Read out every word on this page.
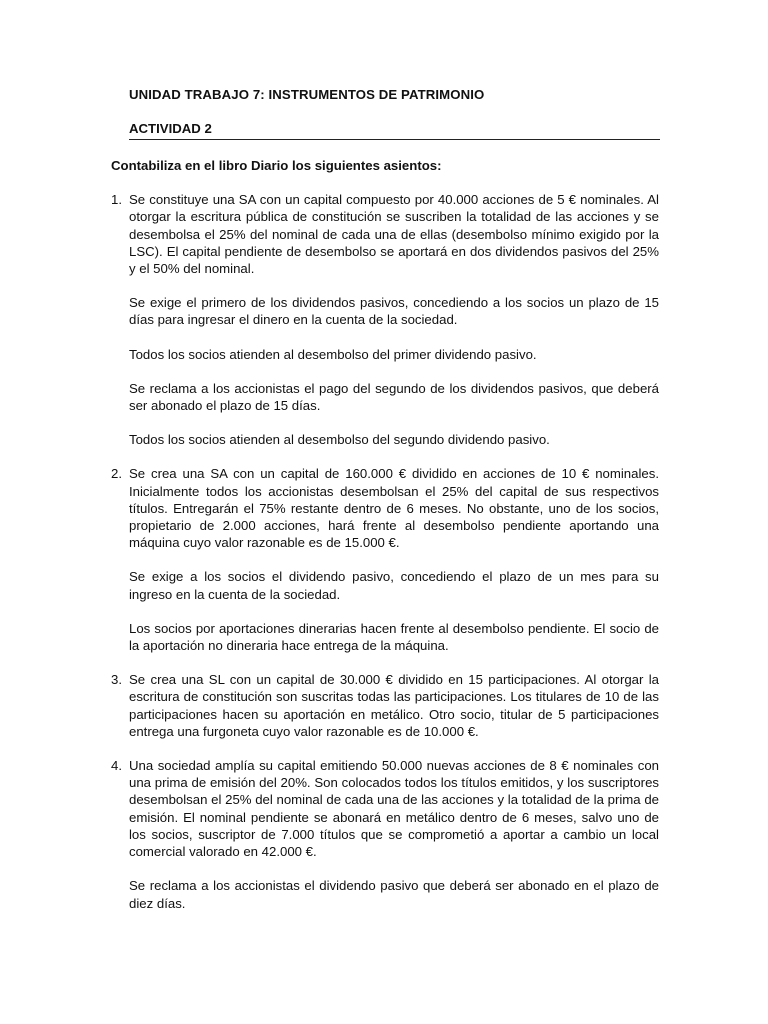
UNIDAD TRABAJO 7: INSTRUMENTOS DE PATRIMONIO

ACTIVIDAD 2

Contabiliza en el libro Diario los siguientes asientos:

1. Se constituye una SA con un capital compuesto por 40.000 acciones de 5 € nominales. Al otorgar la escritura pública de constitución se suscriben la totalidad de las acciones y se desembolsa el 25% del nominal de cada una de ellas (desembolso mínimo exigido por la LSC). El capital pendiente de desembolso se aportará en dos dividendos pasivos del 25% y el 50% del nominal.

Se exige el primero de los dividendos pasivos, concediendo a los socios un plazo de 15 días para ingresar el dinero en la cuenta de la sociedad.

Todos los socios atienden al desembolso del primer dividendo pasivo.

Se reclama a los accionistas el pago del segundo de los dividendos pasivos, que deberá ser abonado el plazo de 15 días.

Todos los socios atienden al desembolso del segundo dividendo pasivo.

2. Se crea una SA con un capital de 160.000 € dividido en acciones de 10 € nominales. Inicialmente todos los accionistas desembolsan el 25% del capital de sus respectivos títulos. Entregarán el 75% restante dentro de 6 meses. No obstante, uno de los socios, propietario de 2.000 acciones, hará frente al desembolso pendiente aportando una máquina cuyo valor razonable es de 15.000 €.

Se exige a los socios el dividendo pasivo, concediendo el plazo de un mes para su ingreso en la cuenta de la sociedad.

Los socios por aportaciones dinerarias hacen frente al desembolso pendiente. El socio de la aportación no dineraria hace entrega de la máquina.

3. Se crea una SL con un capital de 30.000 € dividido en 15 participaciones. Al otorgar la escritura de constitución son suscritas todas las participaciones. Los titulares de 10 de las participaciones hacen su aportación en metálico. Otro socio, titular de 5 participaciones entrega una furgoneta cuyo valor razonable es de 10.000 €.

4. Una sociedad amplía su capital emitiendo 50.000 nuevas acciones de 8 € nominales con una prima de emisión del 20%. Son colocados todos los títulos emitidos, y los suscriptores desembolsan el 25% del nominal de cada una de las acciones y la totalidad de la prima de emisión. El nominal pendiente se abonará en metálico dentro de 6 meses, salvo uno de los socios, suscriptor de 7.000 títulos que se comprometió a aportar a cambio un local comercial valorado en 42.000 €.

Se reclama a los accionistas el dividendo pasivo que deberá ser abonado en el plazo de diez días.
